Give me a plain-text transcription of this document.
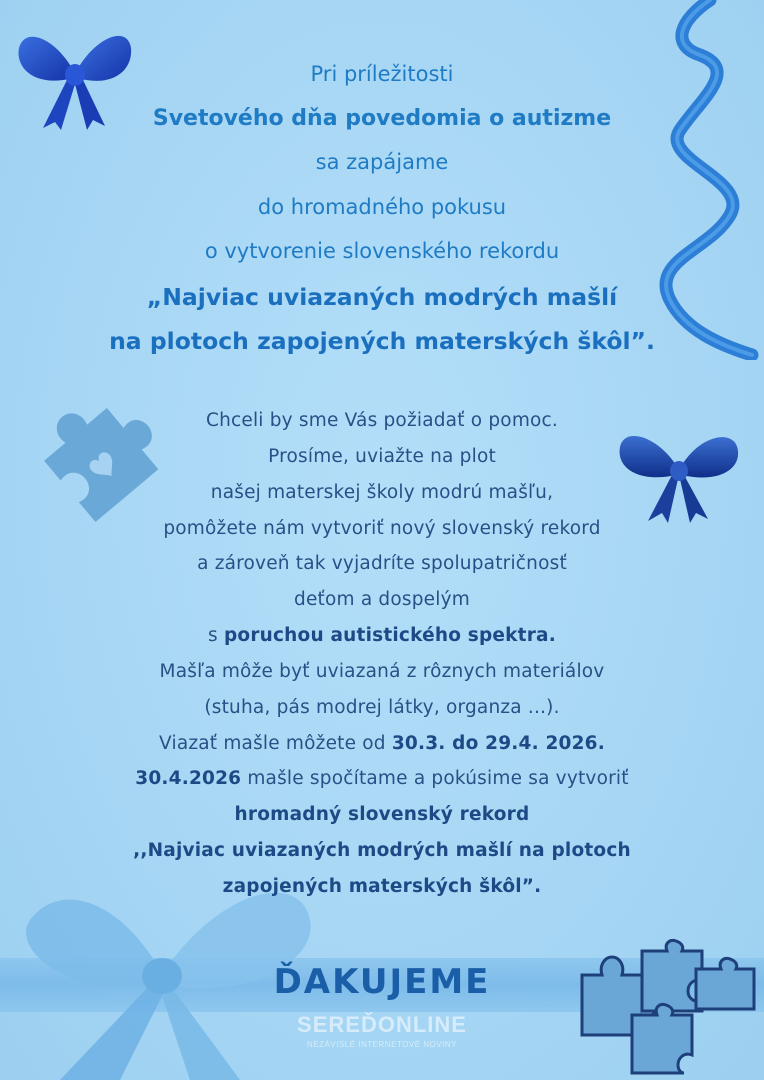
Pri príležitosti

Svetového dňa povedomia o autizme

sa zapájame

do hromadného pokusu

o vytvorenie slovenského rekordu

„Najviac uviazaných modrých mašlí

na plotoch zapojených materských škôl”.

Chceli by sme Vás požiadať o pomoc.

Prosíme, uviažte na plot

našej materskej školy modrú mašľu,

pomôžete nám vytvoriť nový slovenský rekord

a zároveň tak vyjadríte spolupatričnosť

deťom a dospelým

s poruchou autistického spektra.

Mašľa môže byť uviazaná z rôznych materiálov

(stuha, pás modrej látky, organza ...).

Viazať mašle môžete od 30.3. do 29.4. 2026.

30.4.2026 mašle spočítame a pokúsime sa vytvoriť

hromadný slovenský rekord

,,Najviac uviazaných modrých mašlí na plotoch

zapojených materských škôl”.

ĎAKUJEME

SEREĎONLINE
NEZÁVISLÉ INTERNETOVÉ NOVINY
